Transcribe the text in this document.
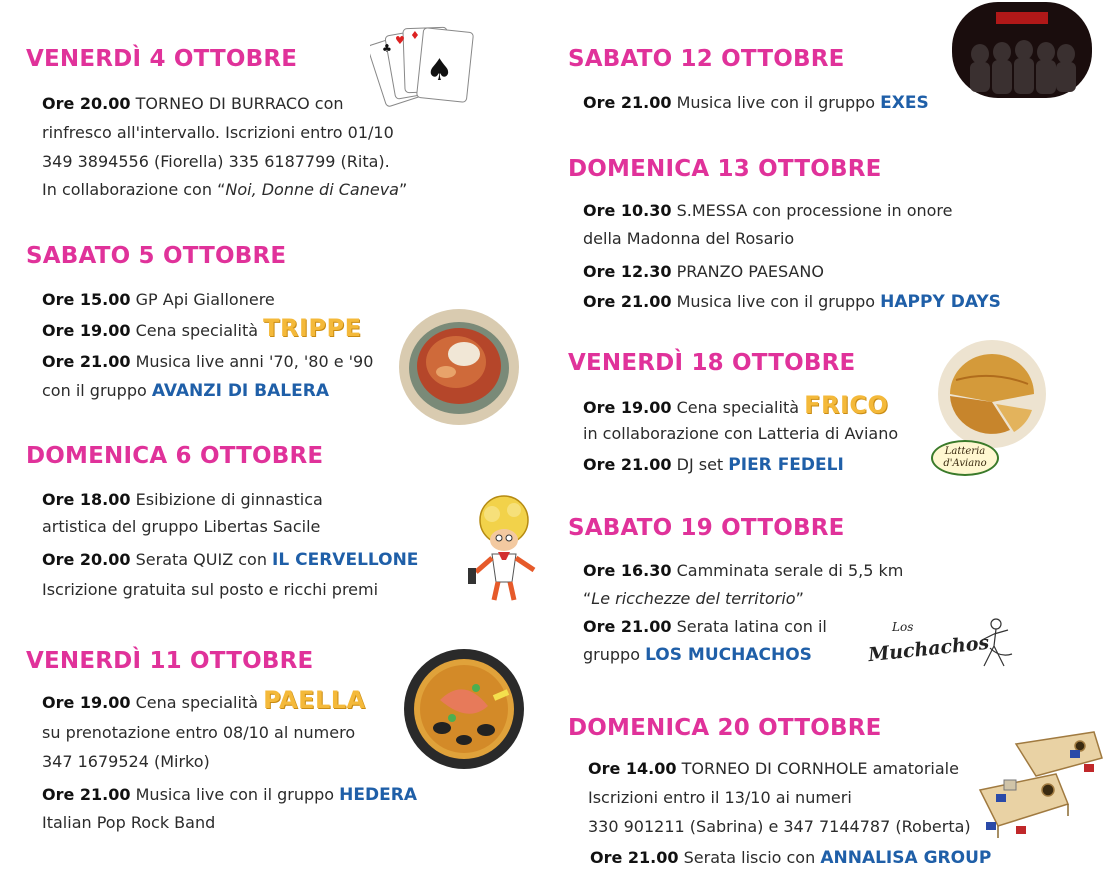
VENERDÌ 4 OTTOBRE
Ore 20.00 TORNEO DI BURRACO con
rinfresco all'intervallo. Iscrizioni entro 01/10
349 3894556 (Fiorella) 335 6187799 (Rita).
In collaborazione con “Noi, Donne di Caneva”
♣
♥ ♦
♠
SABATO 5 OTTOBRE
Ore 15.00 GP Api Giallonere
Ore 19.00 Cena specialità TRIPPE
Ore 21.00 Musica live anni '70, '80 e '90
con il gruppo AVANZI DI BALERA
DOMENICA 6 OTTOBRE
Ore 18.00 Esibizione di ginnastica
artistica del gruppo Libertas Sacile
Ore 20.00 Serata QUIZ con IL CERVELLONE
Iscrizione gratuita sul posto e ricchi premi
VENERDÌ 11 OTTOBRE
Ore 19.00 Cena specialità PAELLA
su prenotazione entro 08/10 al numero
347 1679524 (Mirko)
Ore 21.00 Musica live con il gruppo HEDERA
Italian Pop Rock Band
SABATO 12 OTTOBRE
Ore 21.00 Musica live con il gruppo EXES
DOMENICA 13 OTTOBRE
Ore 10.30 S.MESSA con processione in onore
della Madonna del Rosario
Ore 12.30 PRANZO PAESANO
Ore 21.00 Musica live con il gruppo HAPPY DAYS
VENERDÌ 18 OTTOBRE
Ore 19.00 Cena specialità FRICO
in collaborazione con Latteria di Aviano
Ore 21.00 DJ set PIER FEDELI
Latteria
d'Aviano
SABATO 19 OTTOBRE
Ore 16.30 Camminata serale di 5,5 km
“Le ricchezze del territorio”
Ore 21.00 Serata latina con il
gruppo LOS MUCHACHOS
Los
Muchachos
DOMENICA 20 OTTOBRE
Ore 14.00 TORNEO DI CORNHOLE amatoriale
Iscrizioni entro il 13/10 ai numeri
330 901211 (Sabrina) e 347 7144787 (Roberta)
Ore 21.00 Serata liscio con ANNALISA GROUP
